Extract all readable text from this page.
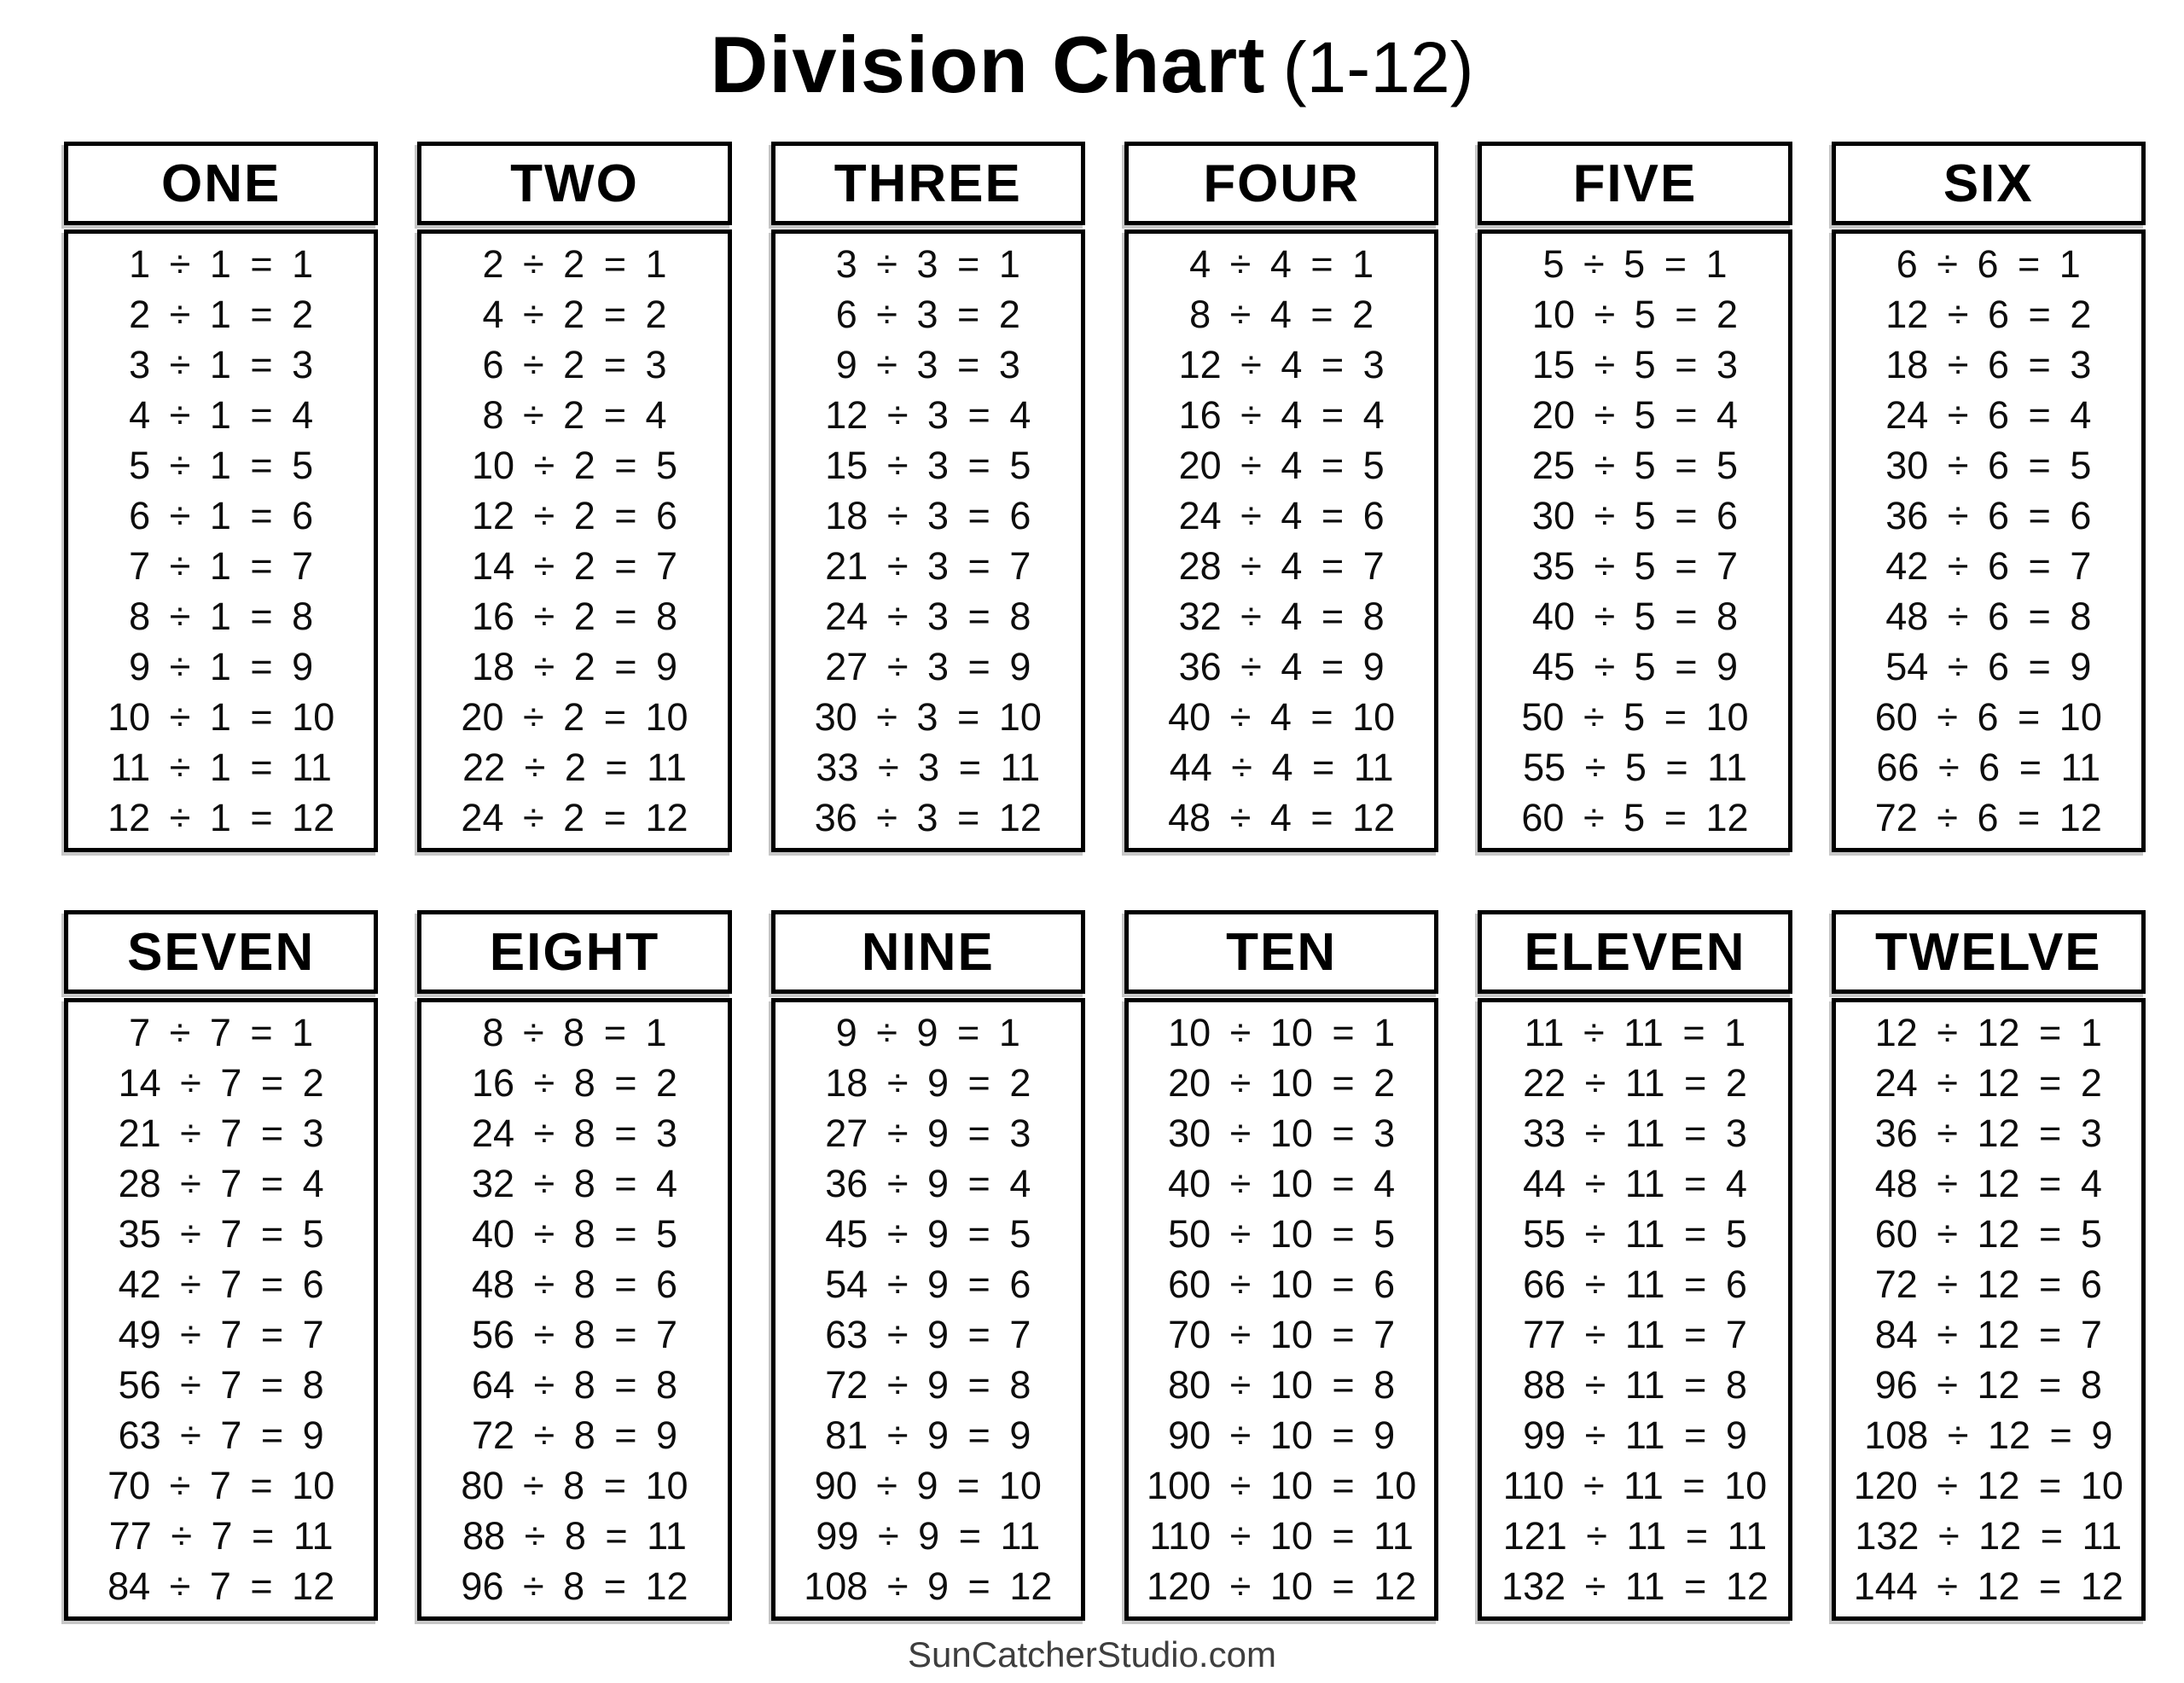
Division Chart (1-12)
ONE
1 ÷ 1 = 1
2 ÷ 1 = 2
3 ÷ 1 = 3
4 ÷ 1 = 4
5 ÷ 1 = 5
6 ÷ 1 = 6
7 ÷ 1 = 7
8 ÷ 1 = 8
9 ÷ 1 = 9
10 ÷ 1 = 10
11 ÷ 1 = 11
12 ÷ 1 = 12
TWO
2 ÷ 2 = 1
4 ÷ 2 = 2
6 ÷ 2 = 3
8 ÷ 2 = 4
10 ÷ 2 = 5
12 ÷ 2 = 6
14 ÷ 2 = 7
16 ÷ 2 = 8
18 ÷ 2 = 9
20 ÷ 2 = 10
22 ÷ 2 = 11
24 ÷ 2 = 12
THREE
3 ÷ 3 = 1
6 ÷ 3 = 2
9 ÷ 3 = 3
12 ÷ 3 = 4
15 ÷ 3 = 5
18 ÷ 3 = 6
21 ÷ 3 = 7
24 ÷ 3 = 8
27 ÷ 3 = 9
30 ÷ 3 = 10
33 ÷ 3 = 11
36 ÷ 3 = 12
FOUR
4 ÷ 4 = 1
8 ÷ 4 = 2
12 ÷ 4 = 3
16 ÷ 4 = 4
20 ÷ 4 = 5
24 ÷ 4 = 6
28 ÷ 4 = 7
32 ÷ 4 = 8
36 ÷ 4 = 9
40 ÷ 4 = 10
44 ÷ 4 = 11
48 ÷ 4 = 12
FIVE
5 ÷ 5 = 1
10 ÷ 5 = 2
15 ÷ 5 = 3
20 ÷ 5 = 4
25 ÷ 5 = 5
30 ÷ 5 = 6
35 ÷ 5 = 7
40 ÷ 5 = 8
45 ÷ 5 = 9
50 ÷ 5 = 10
55 ÷ 5 = 11
60 ÷ 5 = 12
SIX
6 ÷ 6 = 1
12 ÷ 6 = 2
18 ÷ 6 = 3
24 ÷ 6 = 4
30 ÷ 6 = 5
36 ÷ 6 = 6
42 ÷ 6 = 7
48 ÷ 6 = 8
54 ÷ 6 = 9
60 ÷ 6 = 10
66 ÷ 6 = 11
72 ÷ 6 = 12
SEVEN
7 ÷ 7 = 1
14 ÷ 7 = 2
21 ÷ 7 = 3
28 ÷ 7 = 4
35 ÷ 7 = 5
42 ÷ 7 = 6
49 ÷ 7 = 7
56 ÷ 7 = 8
63 ÷ 7 = 9
70 ÷ 7 = 10
77 ÷ 7 = 11
84 ÷ 7 = 12
EIGHT
8 ÷ 8 = 1
16 ÷ 8 = 2
24 ÷ 8 = 3
32 ÷ 8 = 4
40 ÷ 8 = 5
48 ÷ 8 = 6
56 ÷ 8 = 7
64 ÷ 8 = 8
72 ÷ 8 = 9
80 ÷ 8 = 10
88 ÷ 8 = 11
96 ÷ 8 = 12
NINE
9 ÷ 9 = 1
18 ÷ 9 = 2
27 ÷ 9 = 3
36 ÷ 9 = 4
45 ÷ 9 = 5
54 ÷ 9 = 6
63 ÷ 9 = 7
72 ÷ 9 = 8
81 ÷ 9 = 9
90 ÷ 9 = 10
99 ÷ 9 = 11
108 ÷ 9 = 12
TEN
10 ÷ 10 = 1
20 ÷ 10 = 2
30 ÷ 10 = 3
40 ÷ 10 = 4
50 ÷ 10 = 5
60 ÷ 10 = 6
70 ÷ 10 = 7
80 ÷ 10 = 8
90 ÷ 10 = 9
100 ÷ 10 = 10
110 ÷ 10 = 11
120 ÷ 10 = 12
ELEVEN
11 ÷ 11 = 1
22 ÷ 11 = 2
33 ÷ 11 = 3
44 ÷ 11 = 4
55 ÷ 11 = 5
66 ÷ 11 = 6
77 ÷ 11 = 7
88 ÷ 11 = 8
99 ÷ 11 = 9
110 ÷ 11 = 10
121 ÷ 11 = 11
132 ÷ 11 = 12
TWELVE
12 ÷ 12 = 1
24 ÷ 12 = 2
36 ÷ 12 = 3
48 ÷ 12 = 4
60 ÷ 12 = 5
72 ÷ 12 = 6
84 ÷ 12 = 7
96 ÷ 12 = 8
108 ÷ 12 = 9
120 ÷ 12 = 10
132 ÷ 12 = 11
144 ÷ 12 = 12
SunCatcherStudio.com
